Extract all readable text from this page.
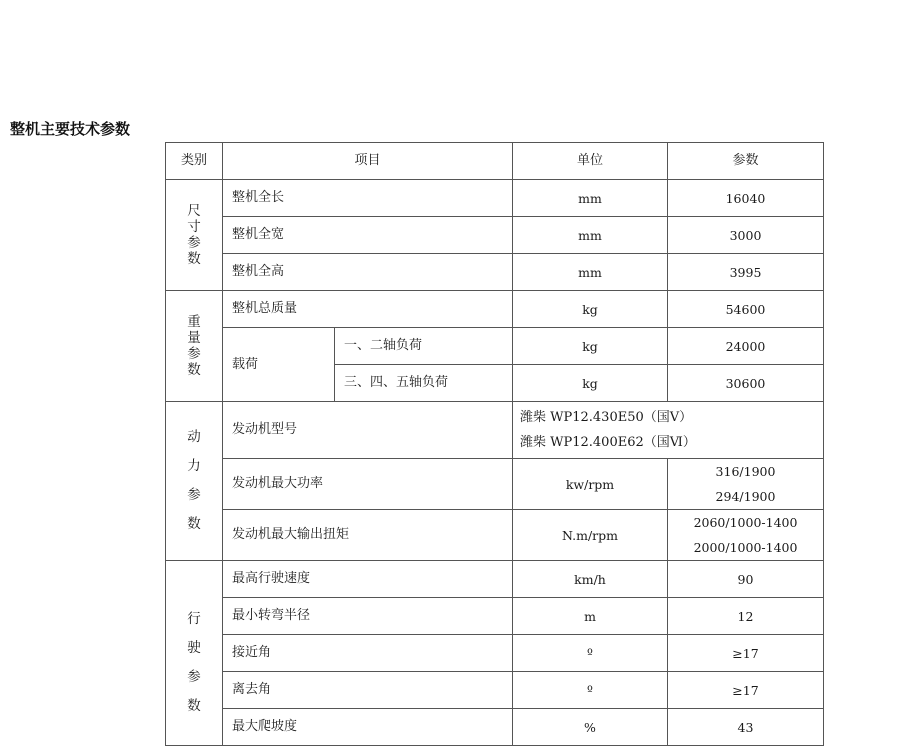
整机主要技术参数
类别	项目		单位	参数

尺
寸
参
数	整机全长		mm	16040
	整机全宽		mm	3000
	整机全高		mm	3995

重
量
参
数	整机总质量		kg	54600
	载荷	一、二轴负荷	kg	24000
		三、四、五轴负荷	kg	30600

动
力
参
数	发动机型号		潍柴 WP12.430E50（国Ⅴ）
潍柴 WP12.400E62（国Ⅵ）	

	发动机最大功率		kw/rpm	316/1900
294/1900

	发动机最大输出扭矩		N.m/rpm	2060/1000-1400
2000/1000-1400

行
驶
参
数	最高行驶速度		km/h	90
	最小转弯半径		m	12
	接近角		º	≥17
	离去角		º	≥17
	最大爬坡度		%	43
